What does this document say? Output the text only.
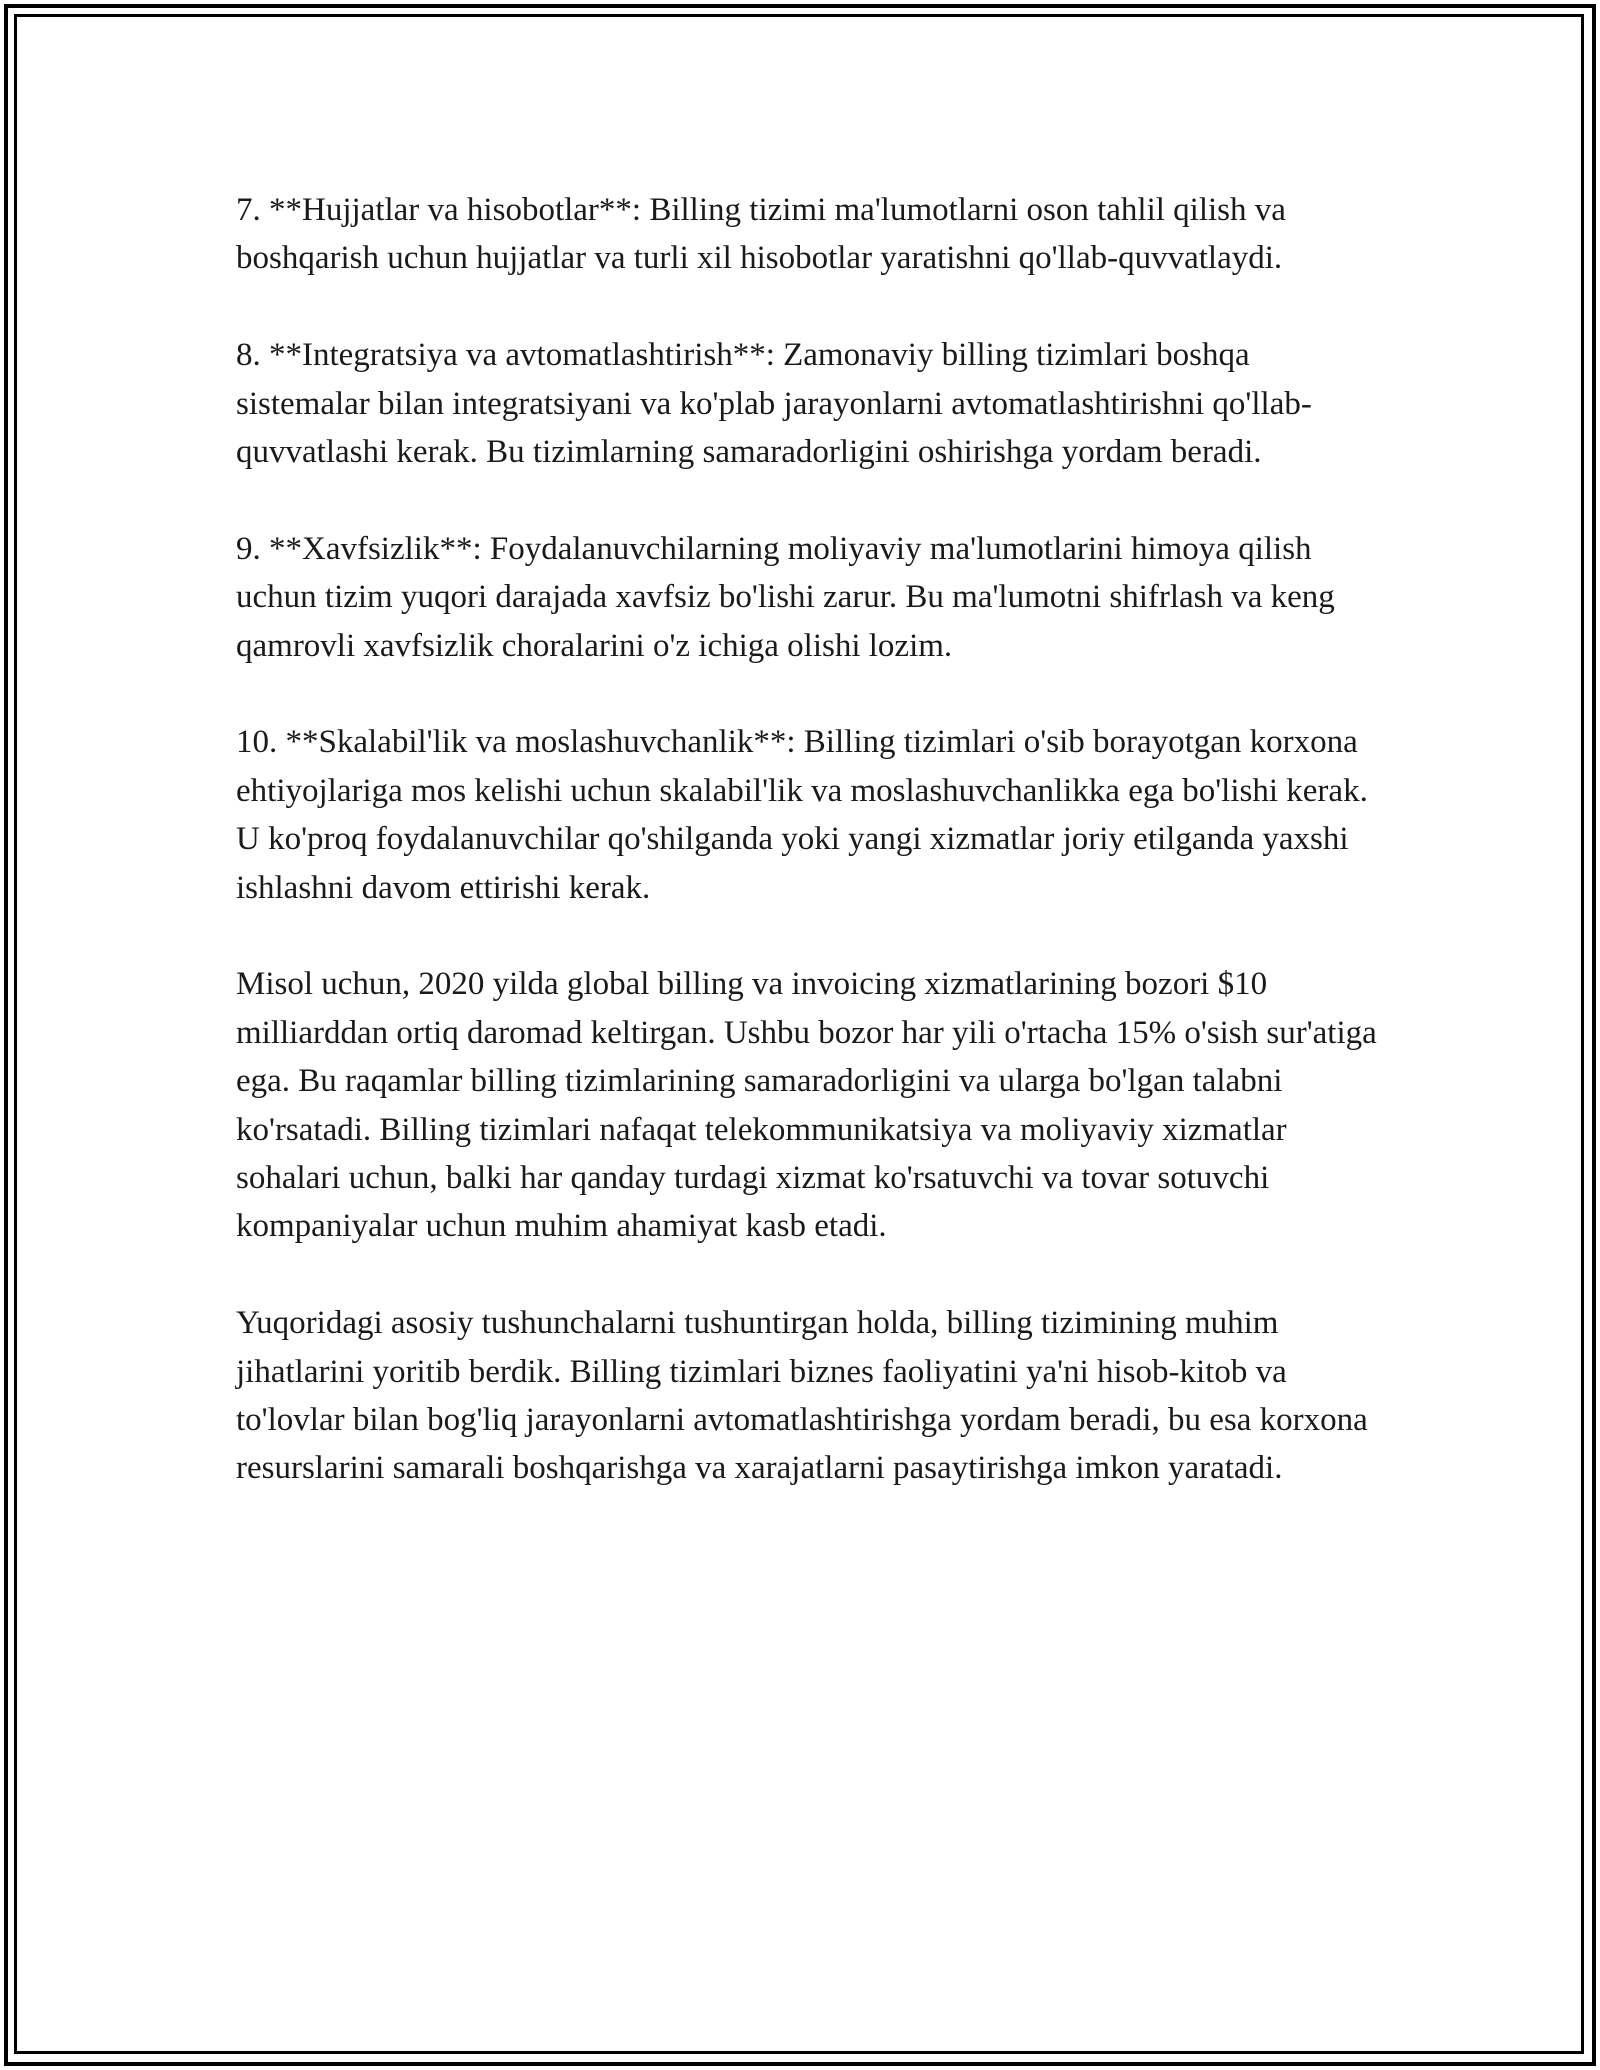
7. **Hujjatlar va hisobotlar**: Billing tizimi ma'lumotlarni oson tahlil qilish va boshqarish uchun hujjatlar va turli xil hisobotlar yaratishni qo'llab-quvvatlaydi.

8. **Integratsiya va avtomatlashtirish**: Zamonaviy billing tizimlari boshqa sistemalar bilan integratsiyani va ko'plab jarayonlarni avtomatlashtirishni qo'llab-quvvatlashi kerak. Bu tizimlarning samaradorligini oshirishga yordam beradi.

9. **Xavfsizlik**: Foydalanuvchilarning moliyaviy ma'lumotlarini himoya qilish uchun tizim yuqori darajada xavfsiz bo'lishi zarur. Bu ma'lumotni shifrlash va keng qamrovli xavfsizlik choralarini o'z ichiga olishi lozim.

10. **Skalabil'lik va moslashuvchanlik**: Billing tizimlari o'sib borayotgan korxona ehtiyojlariga mos kelishi uchun skalabil'lik va moslashuvchanlikka ega bo'lishi kerak. U ko'proq foydalanuvchilar qo'shilganda yoki yangi xizmatlar joriy etilganda yaxshi ishlashni davom ettirishi kerak.

Misol uchun, 2020 yilda global billing va invoicing xizmatlarining bozori $10 milliarddan ortiq daromad keltirgan. Ushbu bozor har yili o'rtacha 15% o'sish sur'atiga ega. Bu raqamlar billing tizimlarining samaradorligini va ularga bo'lgan talabni ko'rsatadi. Billing tizimlari nafaqat telekommunikatsiya va moliyaviy xizmatlar sohalari uchun, balki har qanday turdagi xizmat ko'rsatuvchi va tovar sotuvchi kompaniyalar uchun muhim ahamiyat kasb etadi.

Yuqoridagi asosiy tushunchalarni tushuntirgan holda, billing tizimining muhim jihatlarini yoritib berdik. Billing tizimlari biznes faoliyatini ya'ni hisob-kitob va to'lovlar bilan bog'liq jarayonlarni avtomatlashtirishga yordam beradi, bu esa korxona resurslarini samarali boshqarishga va xarajatlarni pasaytirishga imkon yaratadi.
